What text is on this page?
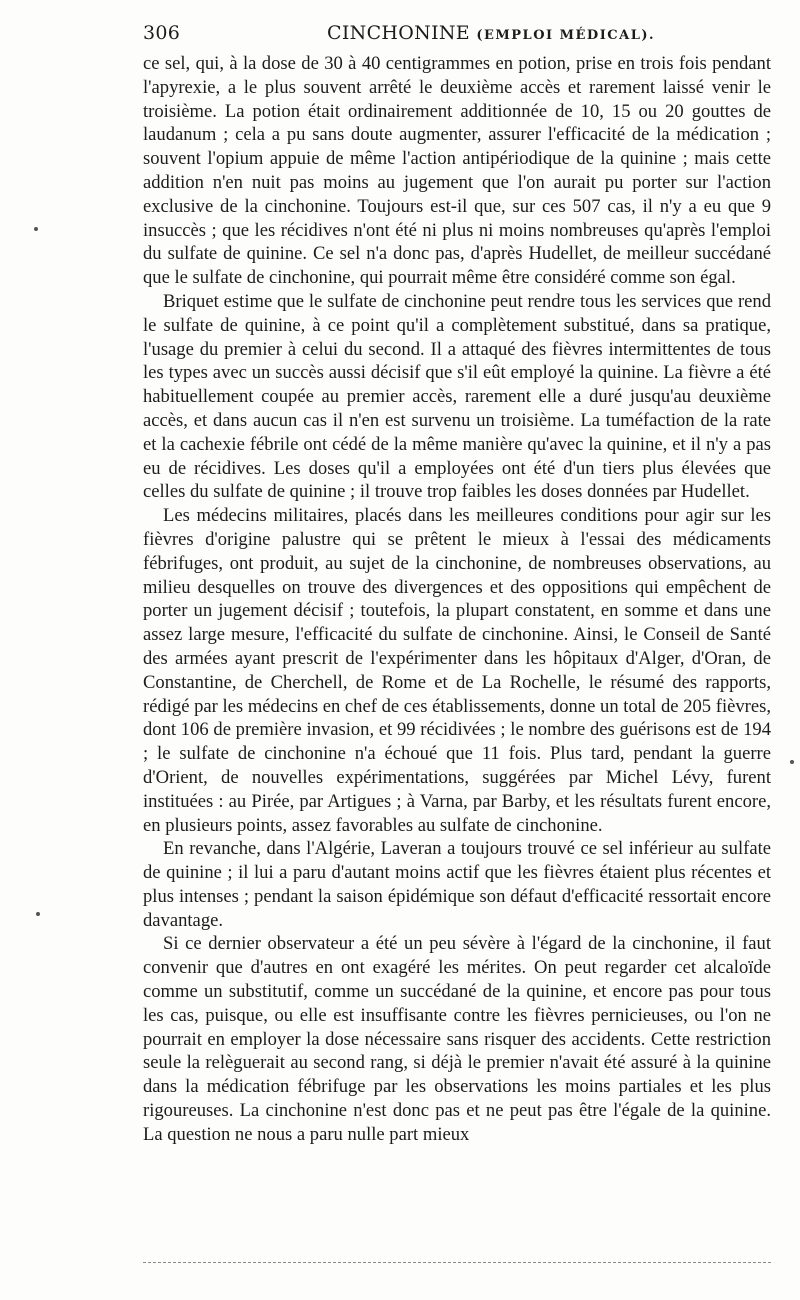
306	CINCHONINE (EMPLOI MÉDICAL).

ce sel, qui, à la dose de 30 à 40 centigrammes en potion, prise en trois fois pendant l'apyrexie, a le plus souvent arrêté le deuxième accès et rarement laissé venir le troisième. La potion était ordinairement additionnée de 10, 15 ou 20 gouttes de laudanum ; cela a pu sans doute augmenter, assurer l'efficacité de la médication ; souvent l'opium appuie de même l'action antipériodique de la quinine ; mais cette addition n'en nuit pas moins au jugement que l'on aurait pu porter sur l'action exclusive de la cinchonine. Toujours est-il que, sur ces 507 cas, il n'y a eu que 9 insuccès ; que les récidives n'ont été ni plus ni moins nombreuses qu'après l'emploi du sulfate de quinine. Ce sel n'a donc pas, d'après Hudellet, de meilleur succédané que le sulfate de cinchonine, qui pourrait même être considéré comme son égal.

Briquet estime que le sulfate de cinchonine peut rendre tous les services que rend le sulfate de quinine, à ce point qu'il a complètement substitué, dans sa pratique, l'usage du premier à celui du second. Il a attaqué des fièvres intermittentes de tous les types avec un succès aussi décisif que s'il eût employé la quinine. La fièvre a été habituellement coupée au premier accès, rarement elle a duré jusqu'au deuxième accès, et dans aucun cas il n'en est survenu un troisième. La tuméfaction de la rate et la cachexie fébrile ont cédé de la même manière qu'avec la quinine, et il n'y a pas eu de récidives. Les doses qu'il a employées ont été d'un tiers plus élevées que celles du sulfate de quinine ; il trouve trop faibles les doses données par Hudellet.

Les médecins militaires, placés dans les meilleures conditions pour agir sur les fièvres d'origine palustre qui se prêtent le mieux à l'essai des médicaments fébrifuges, ont produit, au sujet de la cinchonine, de nombreuses observations, au milieu desquelles on trouve des divergences et des oppositions qui empêchent de porter un jugement décisif ; toutefois, la plupart constatent, en somme et dans une assez large mesure, l'efficacité du sulfate de cinchonine. Ainsi, le Conseil de Santé des armées ayant prescrit de l'expérimenter dans les hôpitaux d'Alger, d'Oran, de Constantine, de Cherchell, de Rome et de La Rochelle, le résumé des rapports, rédigé par les médecins en chef de ces établissements, donne un total de 205 fièvres, dont 106 de première invasion, et 99 récidivées ; le nombre des guérisons est de 194 ; le sulfate de cinchonine n'a échoué que 11 fois. Plus tard, pendant la guerre d'Orient, de nouvelles expérimentations, suggérées par Michel Lévy, furent instituées : au Pirée, par Artigues ; à Varna, par Barby, et les résultats furent encore, en plusieurs points, assez favorables au sulfate de cinchonine.

En revanche, dans l'Algérie, Laveran a toujours trouvé ce sel inférieur au sulfate de quinine ; il lui a paru d'autant moins actif que les fièvres étaient plus récentes et plus intenses ; pendant la saison épidémique son défaut d'efficacité ressortait encore davantage.

Si ce dernier observateur a été un peu sévère à l'égard de la cinchonine, il faut convenir que d'autres en ont exagéré les mérites. On peut regarder cet alcaloïde comme un substitutif, comme un succédané de la quinine, et encore pas pour tous les cas, puisque, ou elle est insuffisante contre les fièvres pernicieuses, ou l'on ne pourrait en employer la dose nécessaire sans risquer des accidents. Cette restriction seule la relèguerait au second rang, si déjà le premier n'avait été assuré à la quinine dans la médication fébrifuge par les observations les moins partiales et les plus rigoureuses. La cinchonine n'est donc pas et ne peut pas être l'égale de la quinine. La question ne nous a paru nulle part mieux
